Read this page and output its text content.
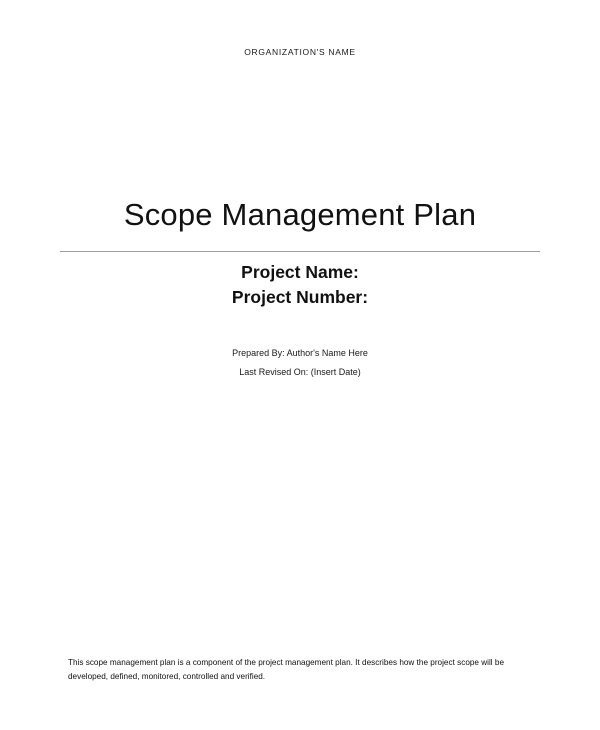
ORGANIZATION'S NAME
Scope Management Plan
Project Name:
Project Number:
Prepared By: Author's Name Here
Last Revised On: (Insert Date)
This scope management plan is a component of the project management plan. It describes how the project scope will be developed, defined, monitored, controlled and verified.
